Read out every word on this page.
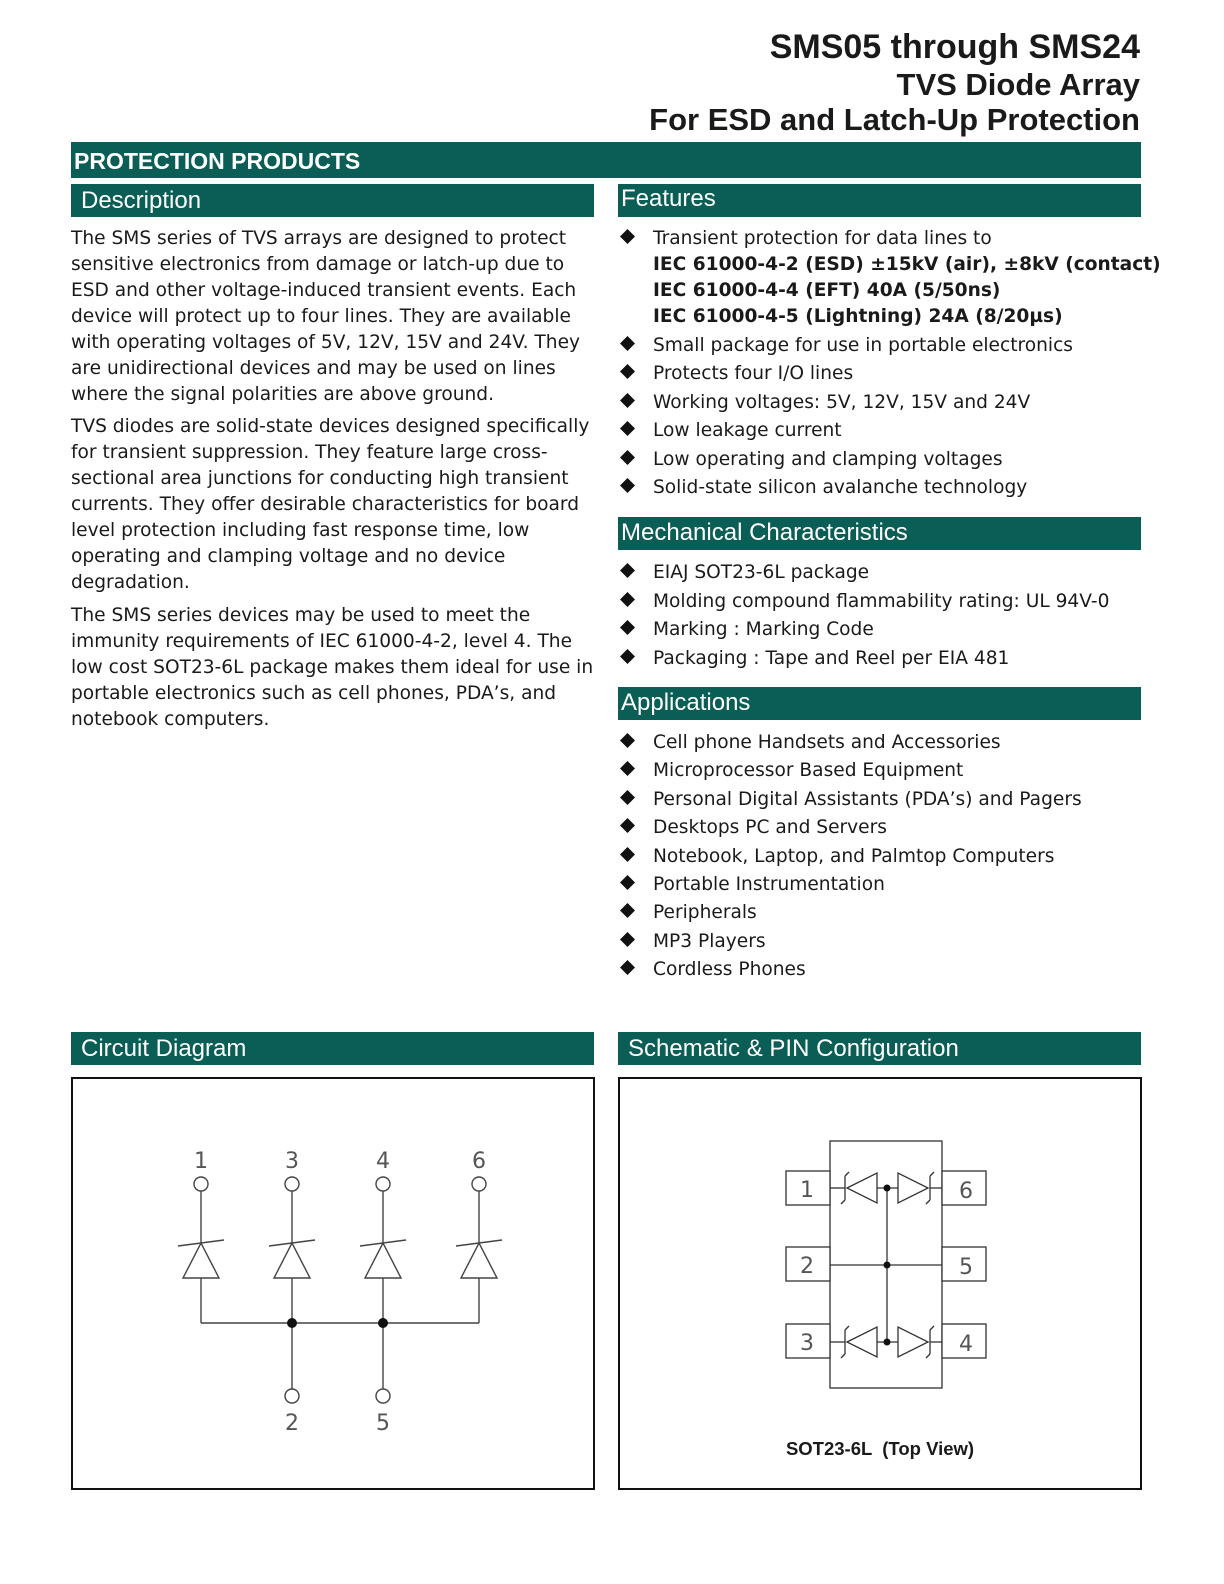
SMS05 through SMS24
TVS Diode Array
For ESD and Latch-Up Protection
PROTECTION PRODUCTS
Description	Features
Mechanical Characteristics
Applications
Circuit Diagram	Schematic & PIN Configuration

The SMS series of TVS arrays are designed to protect sensitive electronics from damage or latch-up due to ESD and other voltage-induced transient events. Each device will protect up to four lines. They are available with operating voltages of 5V, 12V, 15V and 24V. They are unidirectional devices and may be used on lines where the signal polarities are above ground.

TVS diodes are solid-state devices designed specifically for transient suppression. They feature large cross-sectional area junctions for conducting high transient currents. They offer desirable characteristics for board level protection including fast response time, low operating and clamping voltage and no device degradation.

The SMS series devices may be used to meet the immunity requirements of IEC 61000-4-2, level 4. The low cost SOT23-6L package makes them ideal for use in portable electronics such as cell phones, PDA’s, and notebook computers.

Transient protection for data lines to
IEC 61000-4-2 (ESD) ±15kV (air), ±8kV (contact)
IEC 61000-4-4 (EFT) 40A (5/50ns)
IEC 61000-4-5 (Lightning) 24A (8/20µs)
Small package for use in portable electronics
Protects four I/O lines
Working voltages: 5V, 12V, 15V and 24V
Low leakage current
Low operating and clamping voltages
Solid-state silicon avalanche technology
EIAJ SOT23-6L package
Molding compound flammability rating: UL 94V-0
Marking : Marking Code
Packaging : Tape and Reel per EIA 481
Cell phone Handsets and Accessories
Microprocessor Based Equipment
Personal Digital Assistants (PDA’s) and Pagers
Desktops PC and Servers
Notebook, Laptop, and Palmtop Computers
Portable Instrumentation
Peripherals
MP3 Players
Cordless Phones
1	3	4	6
2	5
1
2
3
6
5
4
SOT23-6L  (Top View)
